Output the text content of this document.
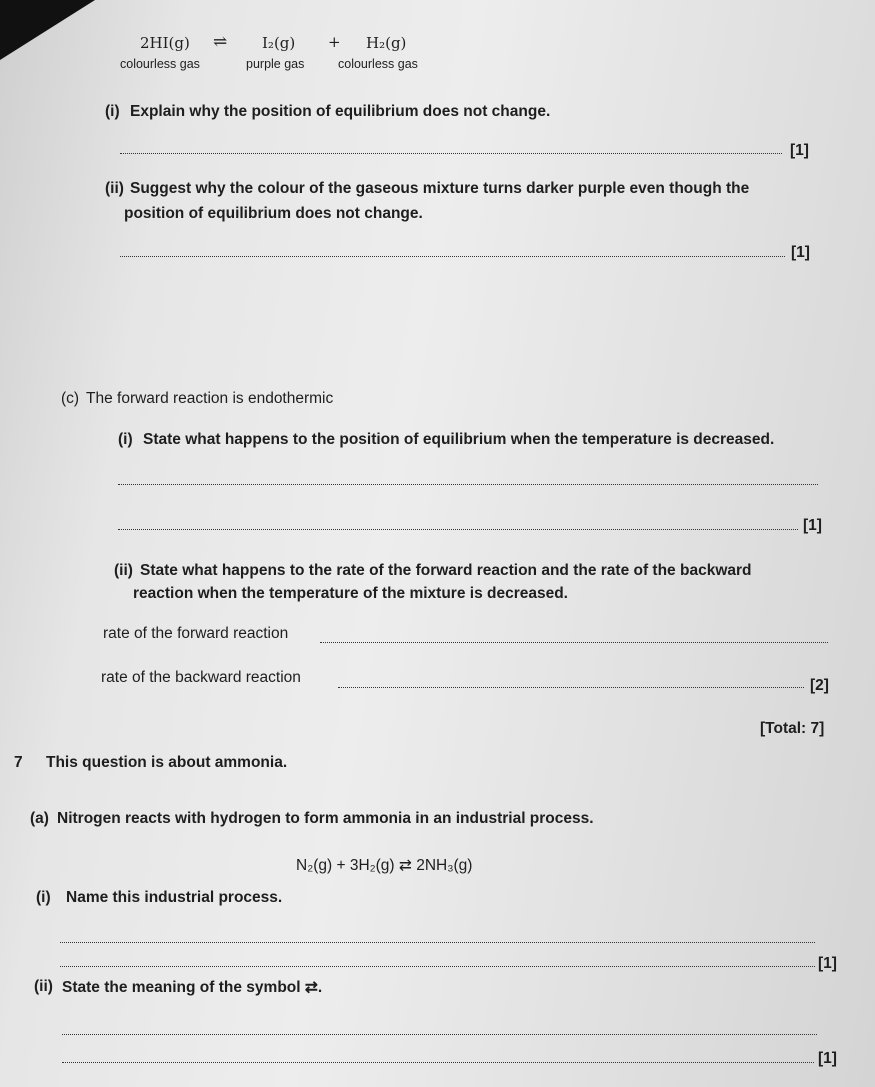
2HI(g) ⇌ I₂(g) + H₂(g)
colourless gas	purple gas	colourless gas
(i) Explain why the position of equilibrium does not change.
[1]
(ii) Suggest why the colour of the gaseous mixture turns darker purple even though the
position of equilibrium does not change.
[1]
(c) The forward reaction is endothermic
(i) State what happens to the position of equilibrium when the temperature is decreased.
[1]
(ii) State what happens to the rate of the forward reaction and the rate of the backward
reaction when the temperature of the mixture is decreased.
rate of the forward reaction
rate of the backward reaction	[2]
[Total: 7]
7 This question is about ammonia.
(a) Nitrogen reacts with hydrogen to form ammonia in an industrial process.
N₂(g) + 3H₂(g) ⇄ 2NH₃(g)
(i) Name this industrial process.
[1]
(ii) State the meaning of the symbol ⇄.
[1]
